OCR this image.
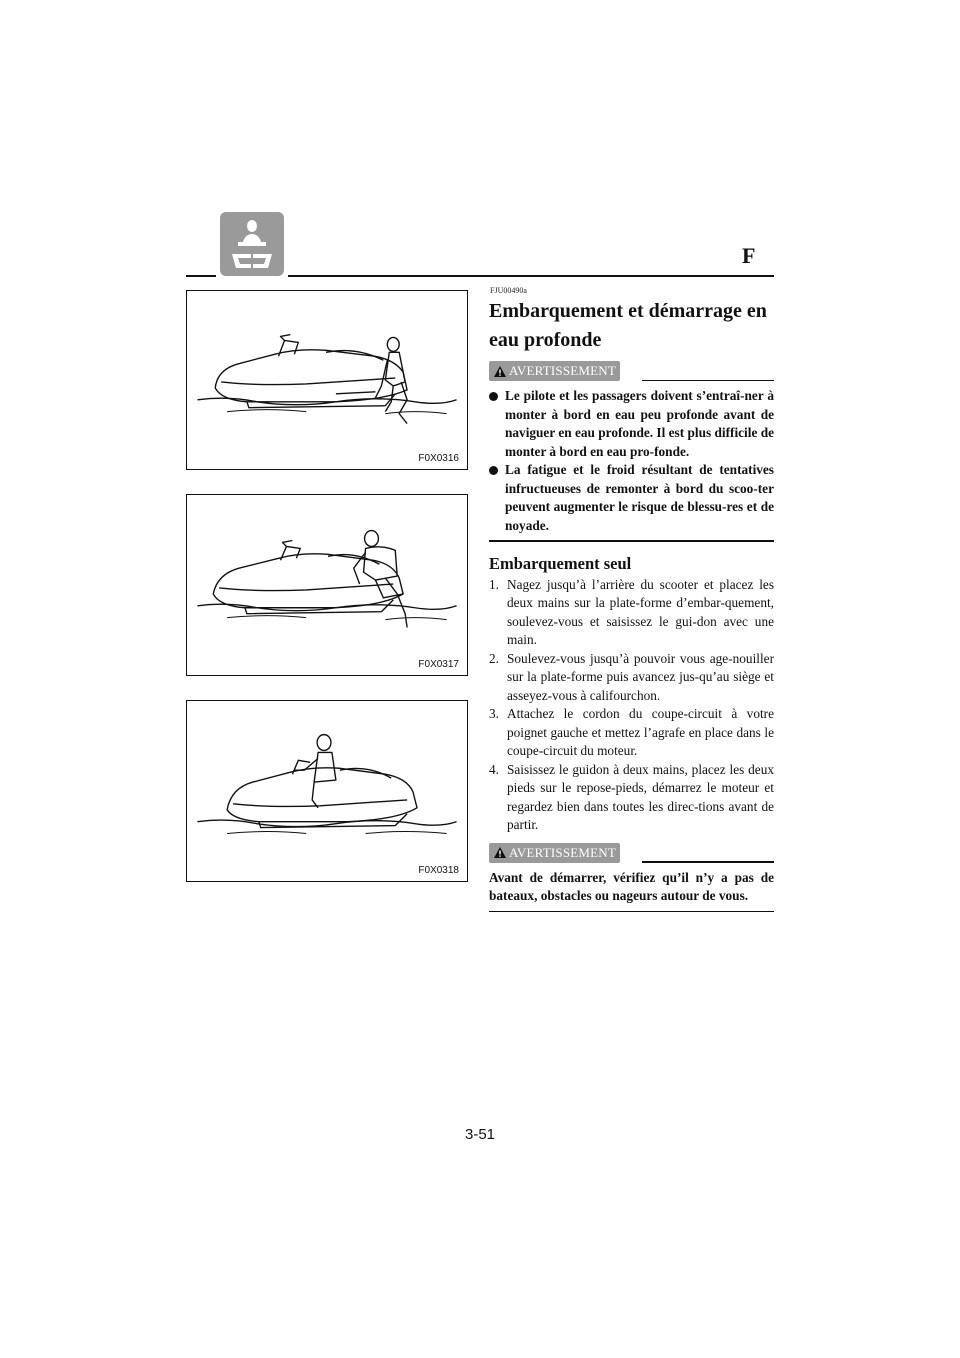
F
F0X0316
F0X0317
F0X0318
FJU00490a
Embarquement et démarrage en
eau profonde
AVERTISSEMENT

Le pilote et les passagers doivent s’entraî-ner à monter à bord en eau peu profonde avant de naviguer en eau profonde. Il est plus difficile de monter à bord en eau pro-fonde.

La fatigue et le froid résultant de tentatives infructueuses de remonter à bord du scoo-ter peuvent augmenter le risque de blessu-res et de noyade.

Embarquement seul

1. Nagez jusqu’à l’arrière du scooter et placez les deux mains sur la plate-forme d’embar-quement, soulevez-vous et saisissez le gui-don avec une main.

2. Soulevez-vous jusqu’à pouvoir vous age-nouiller sur la plate-forme puis avancez jus-qu’au siège et asseyez-vous à califourchon.

3. Attachez le cordon du coupe-circuit à votre poignet gauche et mettez l’agrafe en place dans le coupe-circuit du moteur.

4. Saisissez le guidon à deux mains, placez les deux pieds sur le repose-pieds, démarrez le moteur et regardez bien dans toutes les direc-tions avant de partir.

AVERTISSEMENT

Avant de démarrer, vérifiez qu’il n’y a pas de bateaux, obstacles ou nageurs autour de vous.

3-51
